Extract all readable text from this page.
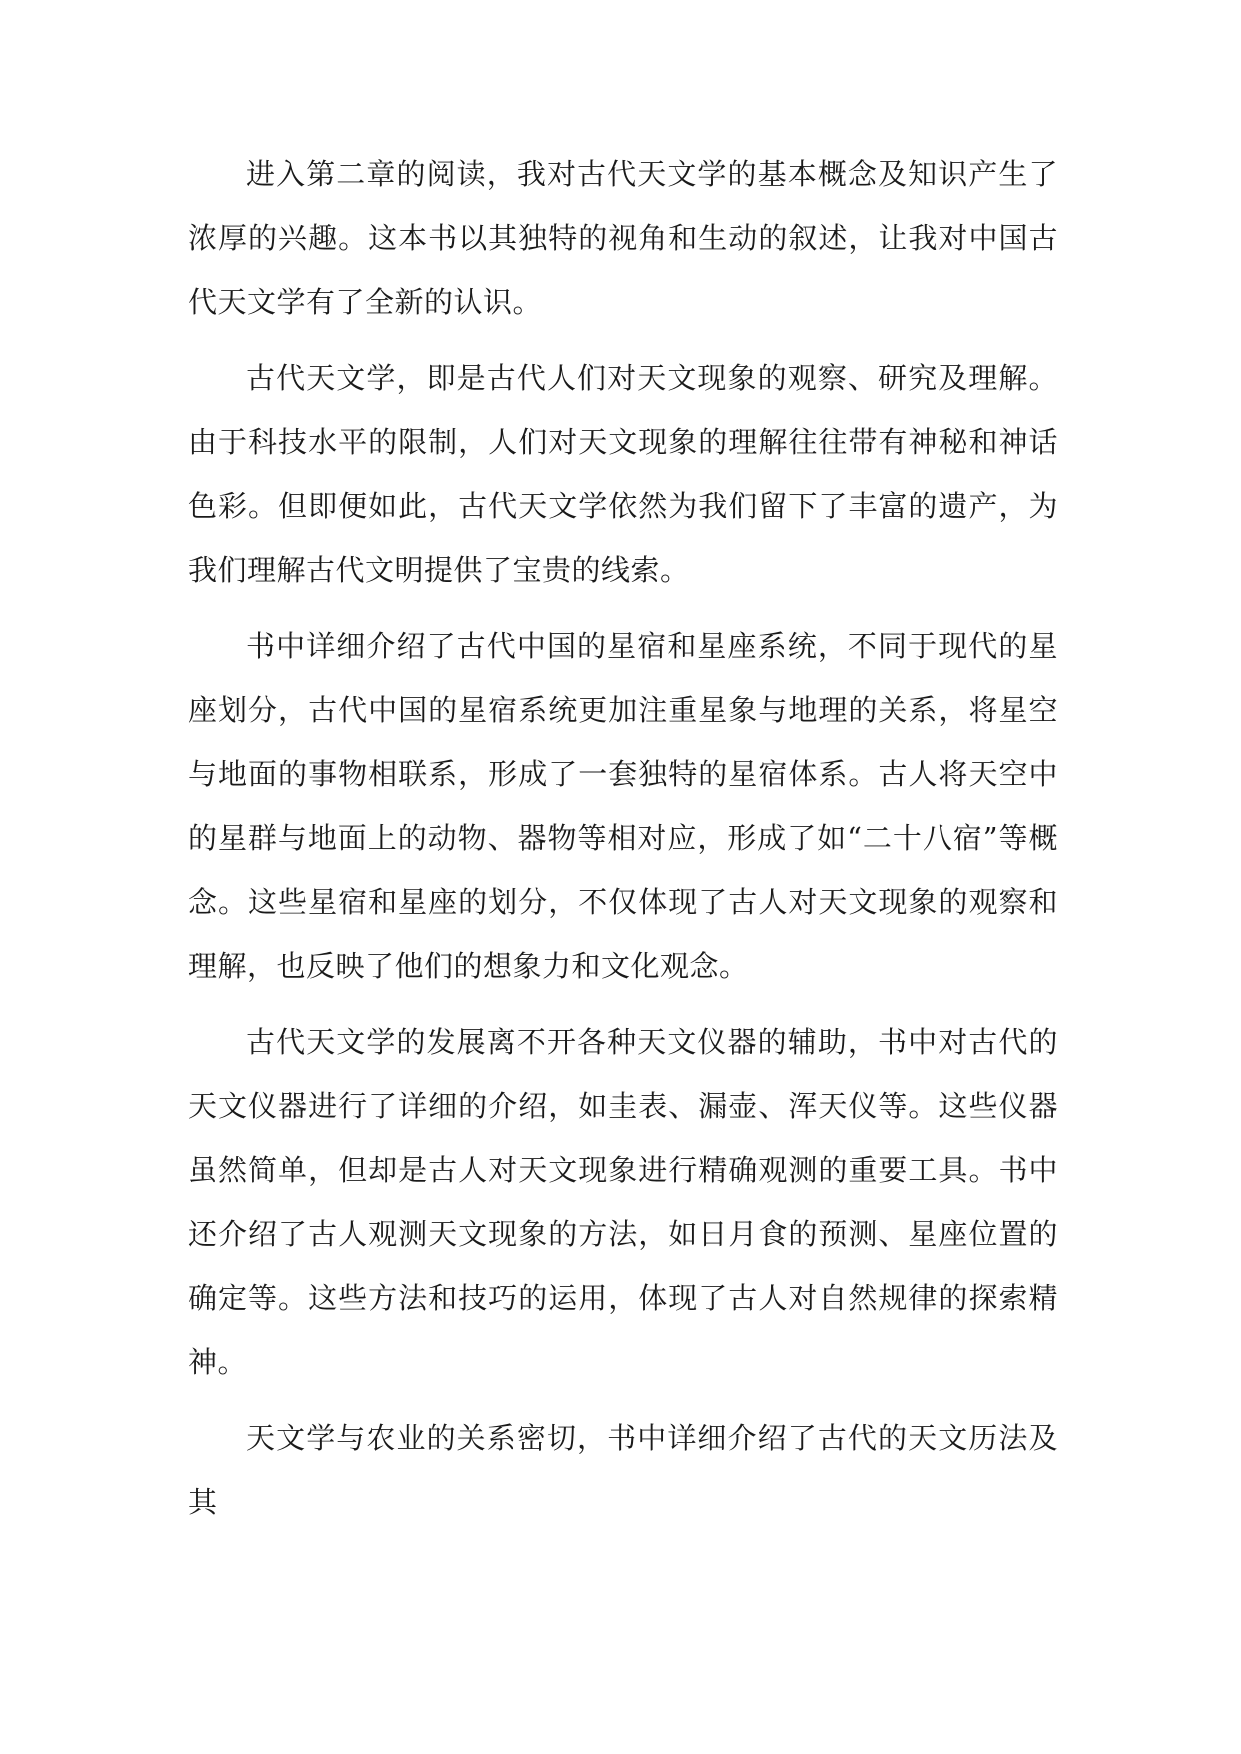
进入第二章的阅读，我对古代天文学的基本概念及知识产生了浓厚的兴趣。这本书以其独特的视角和生动的叙述，让我对中国古代天文学有了全新的认识。

古代天文学，即是古代人们对天文现象的观察、研究及理解。由于科技水平的限制，人们对天文现象的理解往往带有神秘和神话色彩。但即便如此，古代天文学依然为我们留下了丰富的遗产，为我们理解古代文明提供了宝贵的线索。

书中详细介绍了古代中国的星宿和星座系统，不同于现代的星座划分，古代中国的星宿系统更加注重星象与地理的关系，将星空与地面的事物相联系，形成了一套独特的星宿体系。古人将天空中的星群与地面上的动物、器物等相对应，形成了如“二十八宿”等概念。这些星宿和星座的划分，不仅体现了古人对天文现象的观察和理解，也反映了他们的想象力和文化观念。

古代天文学的发展离不开各种天文仪器的辅助，书中对古代的天文仪器进行了详细的介绍，如圭表、漏壶、浑天仪等。这些仪器虽然简单，但却是古人对天文现象进行精确观测的重要工具。书中还介绍了古人观测天文现象的方法，如日月食的预测、星座位置的确定等。这些方法和技巧的运用，体现了古人对自然规律的探索精神。

天文学与农业的关系密切，书中详细介绍了古代的天文历法及其
